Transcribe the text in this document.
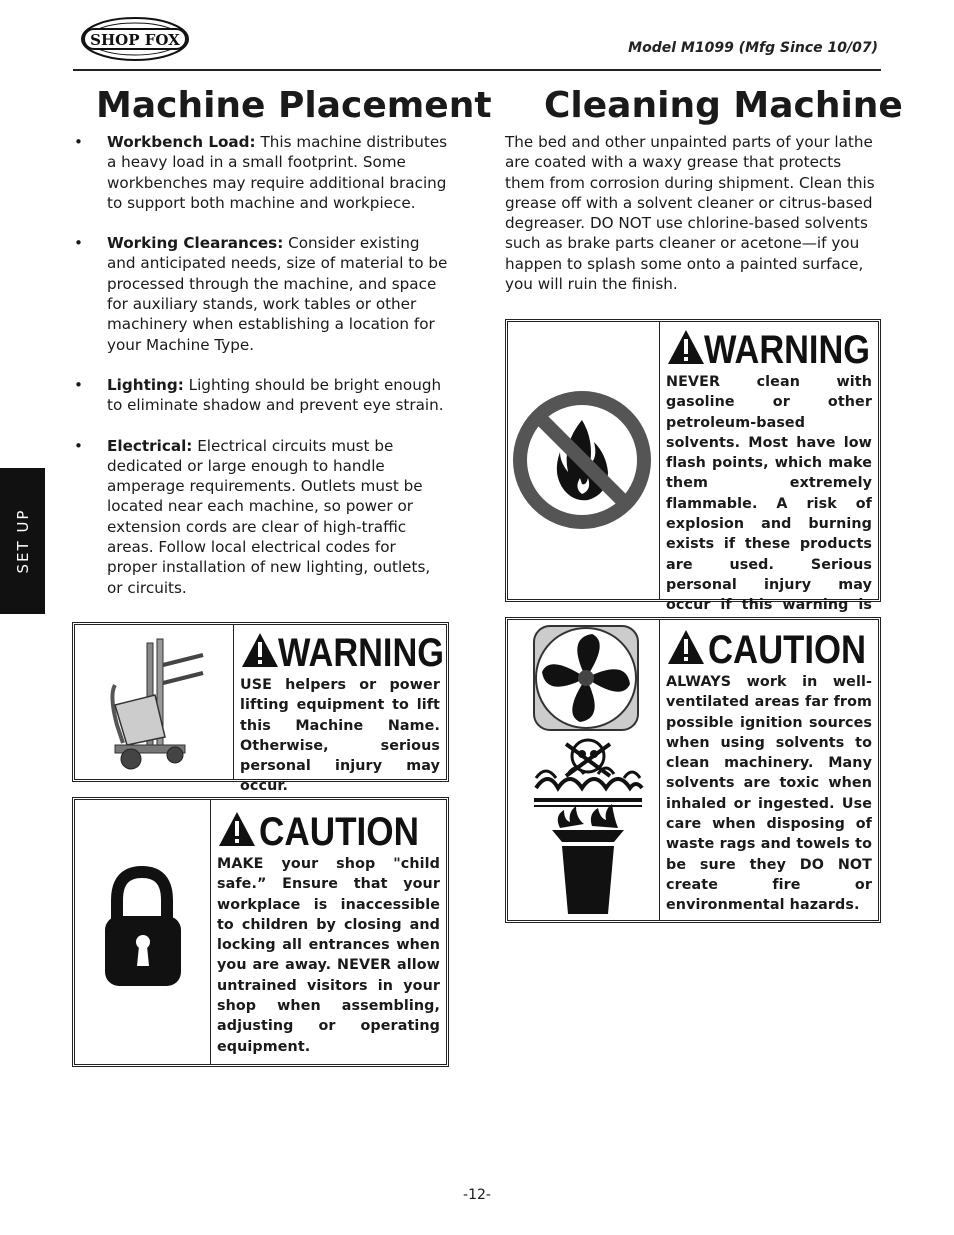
SHOP FOX	Model M1099 (Mfg Since 10/07)
SET UP
Machine Placement Cleaning Machine
• Workbench Load: This machine distributes a heavy load in a small footprint. Some workbenches may require additional bracing to support both machine and workpiece.
• Working Clearances: Consider existing and anticipated needs, size of material to be processed through the machine, and space for auxiliary stands, work tables or other machinery when establishing a location for your Machine Type.
• Lighting: Lighting should be bright enough to eliminate shadow and prevent eye strain.
• Electrical: Electrical circuits must be dedicated or large enough to handle amperage requirements. Outlets must be located near each machine, so power or extension cords are clear of high-traffic areas. Follow local electrical codes for proper installation of new lighting, outlets, or circuits.

The bed and other unpainted parts of your lathe are coated with a waxy grease that protects them from corrosion during shipment. Clean this grease off with a solvent cleaner or citrus-based degreaser. DO NOT use chlorine-based solvents such as brake parts cleaner or acetone—if you happen to splash some onto a painted surface, you will ruin the finish.

WARNING

USE helpers or power lifting equipment to lift this Machine Name. Otherwise, serious personal injury may occur.

CAUTION

MAKE your shop "child safe.” Ensure that your workplace is inaccessible to children by closing and locking all entrances when you are away. NEVER allow untrained visitors in your shop when assembling, adjusting or operating equipment.

WARNING

NEVER clean with gasoline or other petroleum-based solvents. Most have low flash points, which make them extremely flammable. A risk of explosion and burning exists if these products are used. Serious personal injury may occur if this warning is

CAUTION

ALWAYS work in well-ventilated areas far from possible ignition sources when using solvents to clean machinery. Many solvents are toxic when inhaled or ingested. Use care when disposing of waste rags and towels to be sure they DO NOT create fire or environmental hazards.

-12-
